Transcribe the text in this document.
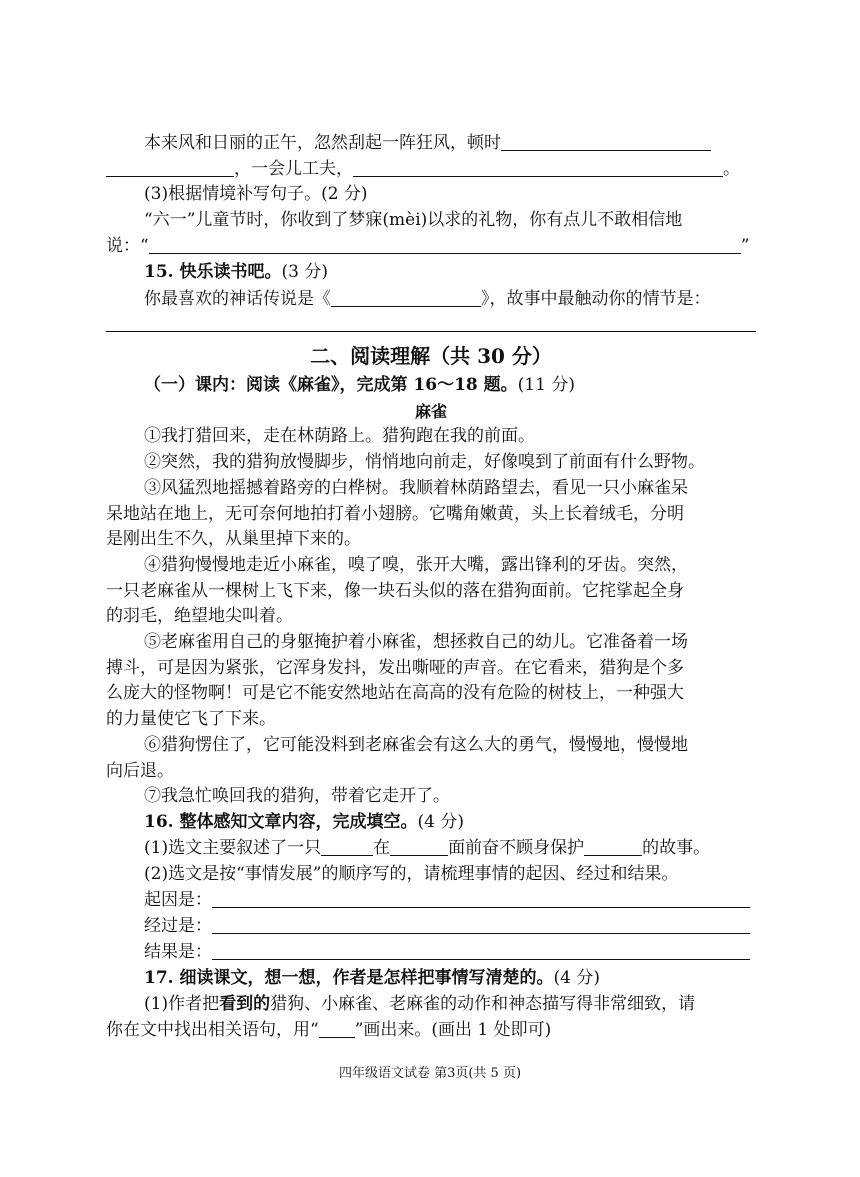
本来风和日丽的正午，忽然刮起一阵狂风，顿时
，一会儿工夫，	。
(3)根据情境补写句子。(2 分)
“六一”儿童节时，你收到了梦寐(mèi)以求的礼物，你有点儿不敢相信地
说：“	”
15. 快乐读书吧。(3 分)
你最喜欢的神话传说是《	》，故事中最触动你的情节是：
二、阅读理解（共 30 分）
（一）课内：阅读《麻雀》，完成第 16～18 题。(11 分)
麻雀
①我打猎回来，走在林荫路上。猎狗跑在我的前面。
②突然，我的猎狗放慢脚步，悄悄地向前走，好像嗅到了前面有什么野物。
③风猛烈地摇撼着路旁的白桦树。我顺着林荫路望去，看见一只小麻雀呆
呆地站在地上，无可奈何地拍打着小翅膀。它嘴角嫩黄，头上长着绒毛，分明
是刚出生不久，从巢里掉下来的。
④猎狗慢慢地走近小麻雀，嗅了嗅，张开大嘴，露出锋利的牙齿。突然，
一只老麻雀从一棵树上飞下来，像一块石头似的落在猎狗面前。它挓挲起全身
的羽毛，绝望地尖叫着。
⑤老麻雀用自己的身躯掩护着小麻雀，想拯救自己的幼儿。它准备着一场
搏斗，可是因为紧张，它浑身发抖，发出嘶哑的声音。在它看来，猎狗是个多
么庞大的怪物啊！可是它不能安然地站在高高的没有危险的树枝上，一种强大
的力量使它飞了下来。
⑥猎狗愣住了，它可能没料到老麻雀会有这么大的勇气，慢慢地，慢慢地
向后退。
⑦我急忙唤回我的猎狗，带着它走开了。
16. 整体感知文章内容，完成填空。(4 分)
(1)选文主要叙述了一只	在	面前奋不顾身保护	的故事。
(2)选文是按“事情发展”的顺序写的，请梳理事情的起因、经过和结果。
起因是：
经过是：
结果是：
17. 细读课文，想一想，作者是怎样把事情写清楚的。(4 分)
(1)作者把看到的猎狗、小麻雀、老麻雀的动作和神态描写得非常细致，请
你在文中找出相关语句，用“ ”画出来。(画出 1 处即可)
四年级语文试卷 第3页(共 5 页)
